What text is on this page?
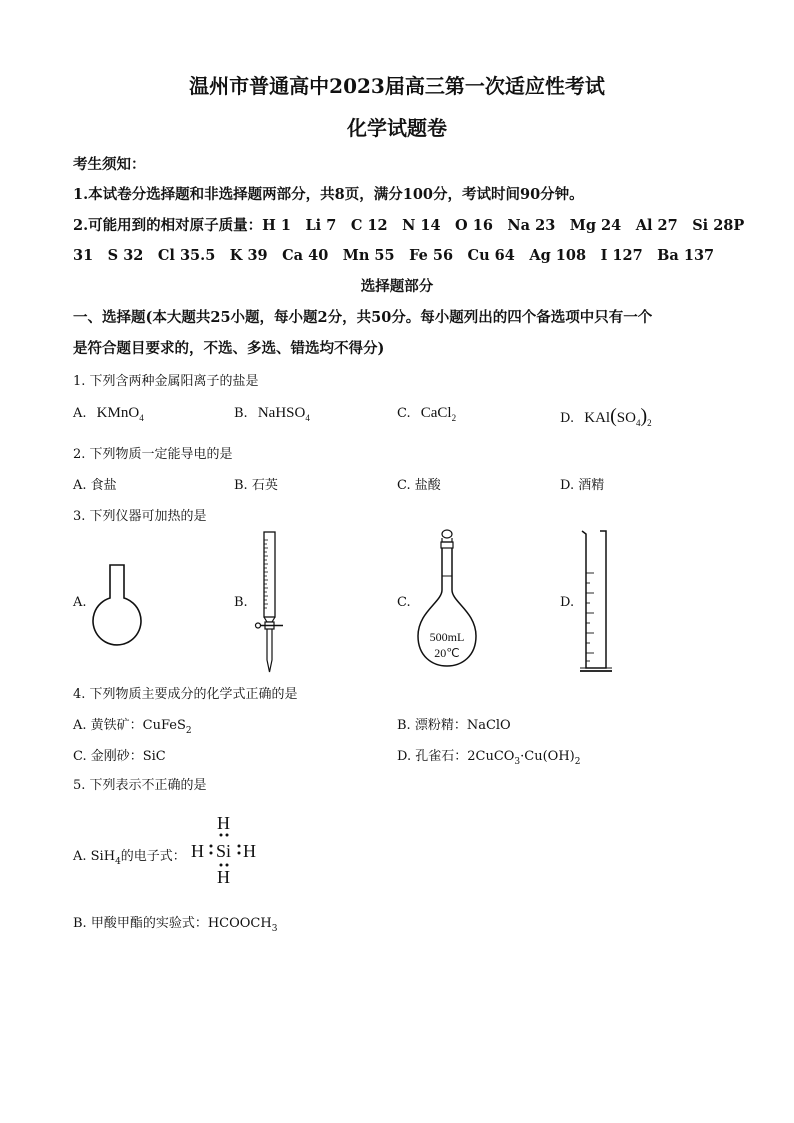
温州市普通高中2023届高三第一次适应性考试
化学试题卷
考生须知：
1.本试卷分选择题和非选择题两部分，共8页，满分100分，考试时间90分钟。
2.可能用到的相对原子质量：H 1　Li 7　C 12　N 14　O 16　Na 23　Mg 24　Al 27　Si 28P
31　S 32　Cl 35.5　K 39　Ca 40　Mn 55　Fe 56　Cu 64　Ag 108　I 127　Ba 137
选择题部分
一、选择题(本大题共25小题，每小题2分，共50分。每小题列出的四个备选项中只有一个
是符合题目要求的，不选、多选、错选均不得分)
1. 下列含两种金属阳离子的盐是
A. KMnO$_4$	B. NaHSO$_4$	C. CaCl$_2$	D. $KAl(SO_4)_2$
2. 下列物质一定能导电的是
A. 食盐	B. 石英	C. 盐酸	D. 酒精
3. 下列仪器可加热的是
A.	B.	C.	D.
500mL
20℃
4. 下列物质主要成分的化学式正确的是
A. 黄铁矿：CuFeS$_2$	B. 漂粉精：NaClO
C. 金刚砂：SiC	D. 孔雀石：$2CuCO_3\cdot Cu(OH)_2$
5. 下列表示不正确的是
A. SiH$_4$的电子式：
H
H Si H
H
B. 甲酸甲酯的实验式：$HCOOCH_3$
